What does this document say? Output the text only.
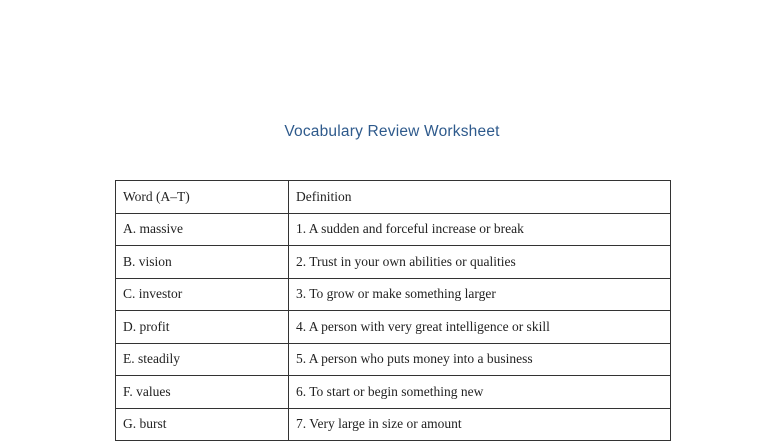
Vocabulary Review Worksheet
Word (A–T)	Definition
A. massive	1. A sudden and forceful increase or break
B. vision	2. Trust in your own abilities or qualities
C. investor	3. To grow or make something larger
D. profit	4. A person with very great intelligence or skill
E. steadily	5. A person who puts money into a business
F. values	6. To start or begin something new
G. burst	7. Very large in size or amount
